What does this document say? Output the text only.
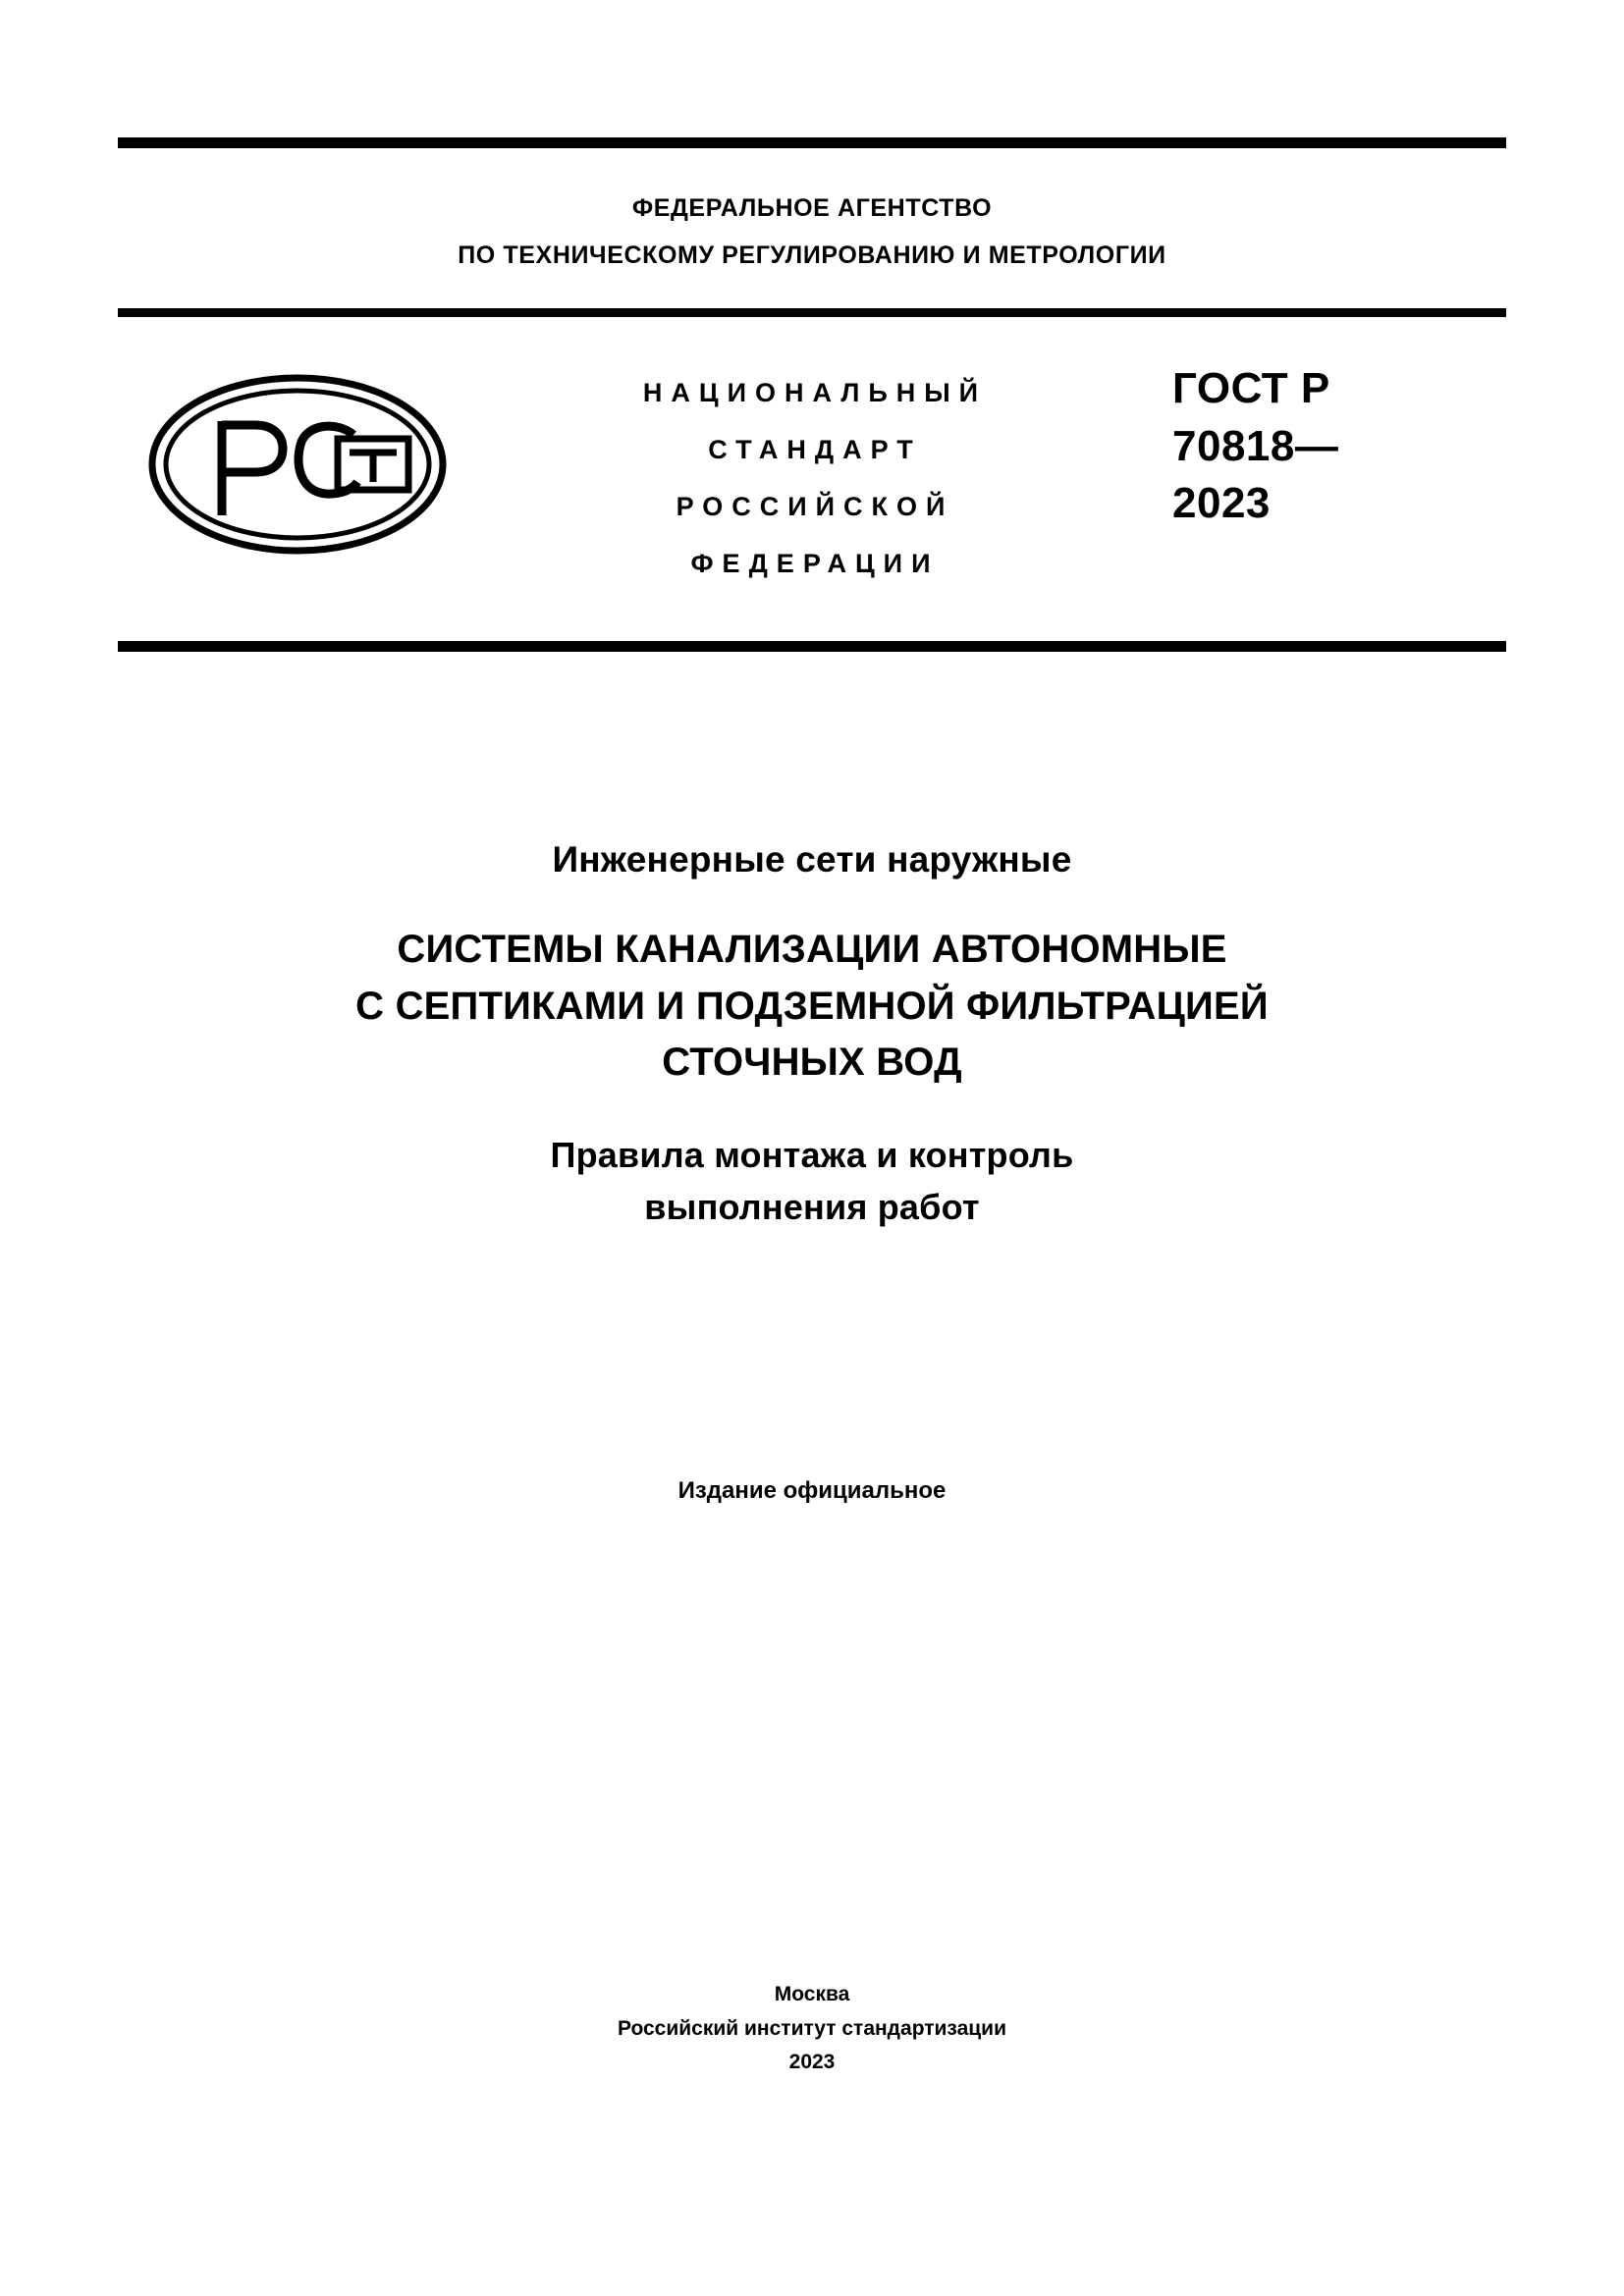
ФЕДЕРАЛЬНОЕ АГЕНТСТВО
ПО ТЕХНИЧЕСКОМУ РЕГУЛИРОВАНИЮ И МЕТРОЛОГИИ
НАЦИОНАЛЬНЫЙ
СТАНДАРТ
РОССИЙСКОЙ
ФЕДЕРАЦИИ
ГОСТ Р
70818—
2023
Инженерные сети наружные
СИСТЕМЫ КАНАЛИЗАЦИИ АВТОНОМНЫЕ
С СЕПТИКАМИ И ПОДЗЕМНОЙ ФИЛЬТРАЦИЕЙ
СТОЧНЫХ ВОД
Правила монтажа и контроль
выполнения работ
Издание официальное
Москва
Российский институт стандартизации
2023
